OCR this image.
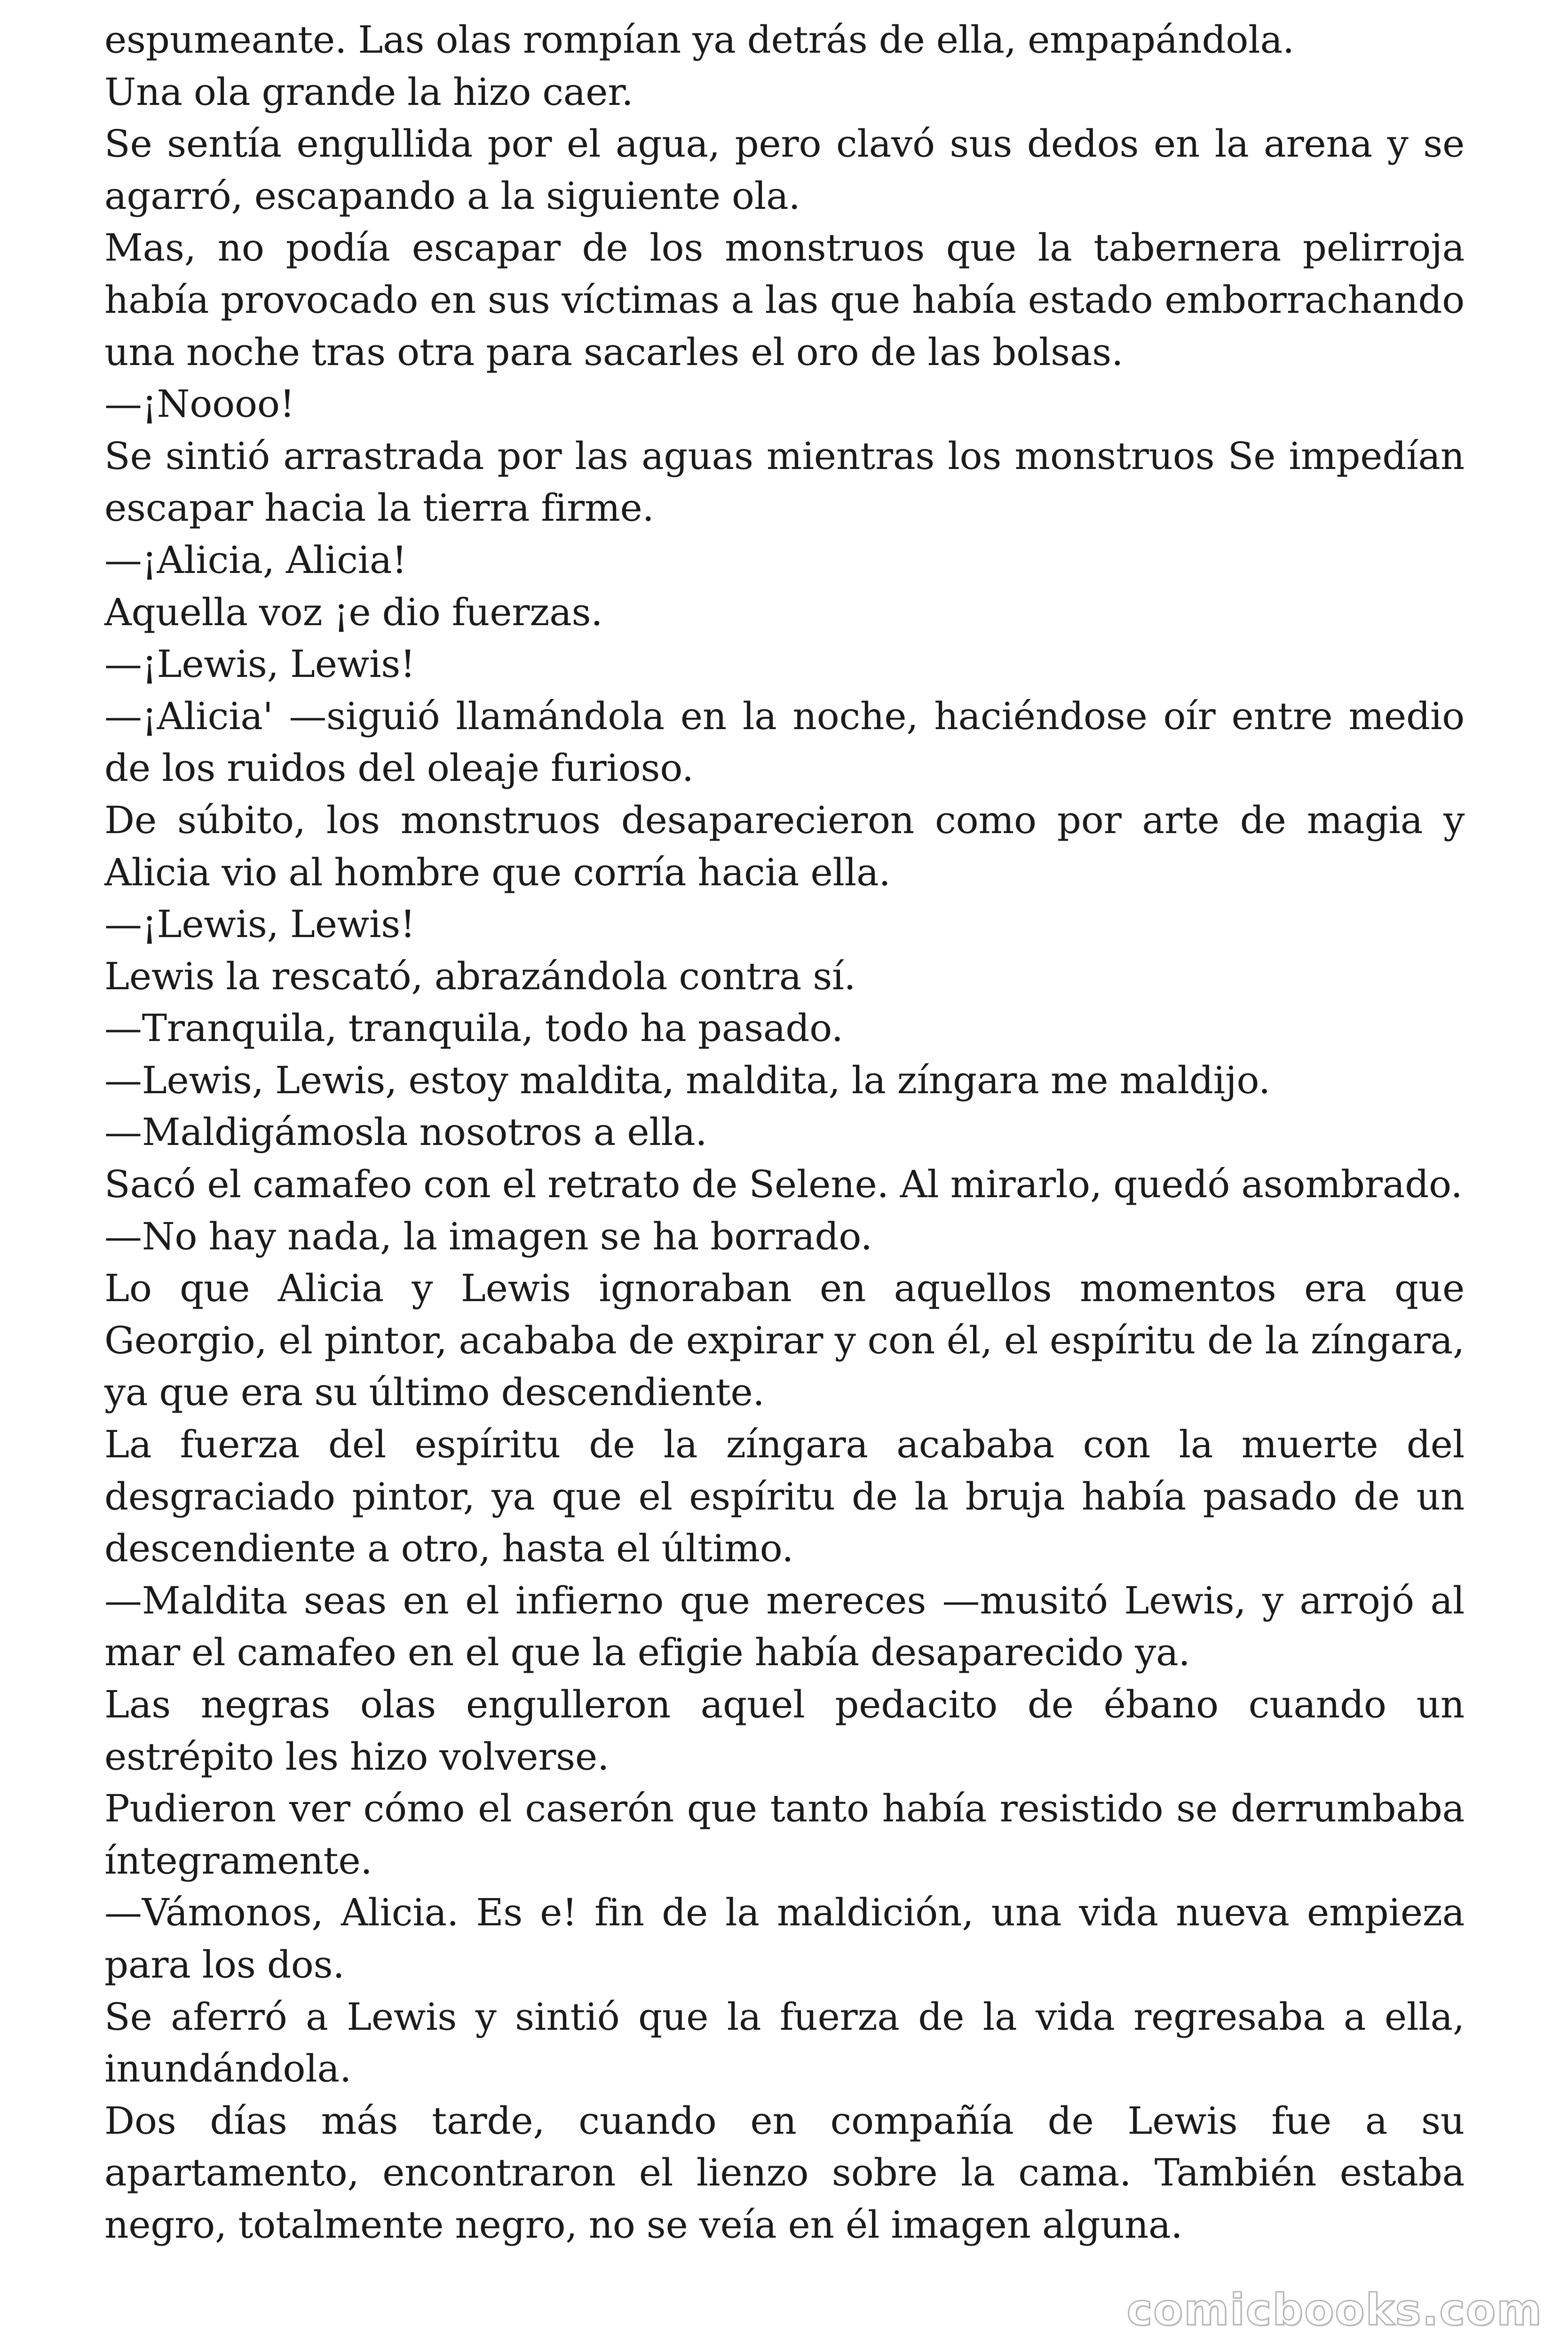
espumeante. Las olas rompían ya detrás de ella, empapándola.

Una ola grande la hizo caer.

Se sentía engullida por el agua, pero clavó sus dedos en la arena y se agarró, escapando a la siguiente ola.

Mas, no podía escapar de los monstruos que la tabernera pelirroja había provocado en sus víctimas a las que había estado emborrachando una noche tras otra para sacarles el oro de las bolsas.

—¡Noooo!

Se sintió arrastrada por las aguas mientras los monstruos Se impedían escapar hacia la tierra firme.

—¡Alicia, Alicia!

Aquella voz ¡e dio fuerzas.

—¡Lewis, Lewis!

—¡Alicia' —siguió llamándola en la noche, haciéndose oír entre medio de los ruidos del oleaje furioso.

De súbito, los monstruos desaparecieron como por arte de magia y Alicia vio al hombre que corría hacia ella.

—¡Lewis, Lewis!

Lewis la rescató, abrazándola contra sí.

—Tranquila, tranquila, todo ha pasado.

—Lewis, Lewis, estoy maldita, maldita, la zíngara me maldijo.

—Maldigámosla nosotros a ella.

Sacó el camafeo con el retrato de Selene. Al mirarlo, quedó asombrado.

—No hay nada, la imagen se ha borrado.

Lo que Alicia y Lewis ignoraban en aquellos momentos era que Georgio, el pintor, acababa de expirar y con él, el espíritu de la zíngara, ya que era su último descendiente.

La fuerza del espíritu de la zíngara acababa con la muerte del desgraciado pintor, ya que el espíritu de la bruja había pasado de un descendiente a otro, hasta el último.

—Maldita seas en el infierno que mereces —musitó Lewis, y arrojó al mar el camafeo en el que la efigie había desaparecido ya.

Las negras olas engulleron aquel pedacito de ébano cuando un estrépito les hizo volverse.

Pudieron ver cómo el caserón que tanto había resistido se derrumbaba íntegramente.

—Vámonos, Alicia. Es e! fin de la maldición, una vida nueva empieza para los dos.

Se aferró a Lewis y sintió que la fuerza de la vida regresaba a ella, inundándola.

Dos días más tarde, cuando en compañía de Lewis fue a su apartamento, encontraron el lienzo sobre la cama. También estaba negro, totalmente negro, no se veía en él imagen alguna.

comicbooks.com
